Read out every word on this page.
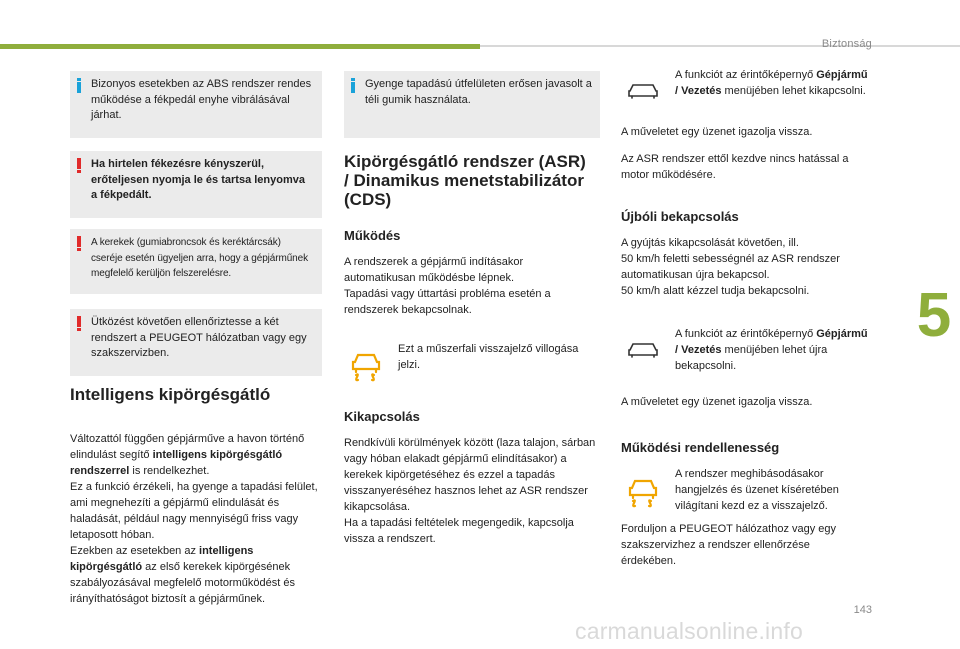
Biztonság
5
143
carmanualsonline.info
Bizonyos esetekben az ABS rendszer rendes működése a fékpedál enyhe vibrálásával járhat.
Ha hirtelen fékezésre kényszerül, erőteljesen nyomja le és tartsa lenyomva a fékpedált.
A kerekek (gumiabroncsok és keréktárcsák) cseréje esetén ügyeljen arra, hogy a gépjárműnek megfelelő kerüljön felszerelésre.
Ütközést követően ellenőriztesse a két rendszert a PEUGEOT hálózatban vagy egy szakszervizben.
Intelligens kipörgésgátló
Változattól függően gépjárműve a havon történő elindulást segítő intelligens kipörgésgátló rendszerrel is rendelkezhet.
Ez a funkció érzékeli, ha gyenge a tapadási felület, ami megnehezíti a gépjármű elindulását és haladását, például nagy mennyiségű friss vagy letaposott hóban.
Ezekben az esetekben az intelligens kipörgésgátló az első kerekek kipörgésének szabályozásával megfelelő motorműködést és irányíthatóságot biztosít a gépjárműnek.
Gyenge tapadású útfelületen erősen javasolt a téli gumik használata.
Kipörgésgátló rendszer (ASR) / Dinamikus menetstabilizátor (CDS)
Működés
A rendszerek a gépjármű indításakor automatikusan működésbe lépnek.
Tapadási vagy úttartási probléma esetén a rendszerek bekapcsolnak.
Ezt a műszerfali visszajelző villogása jelzi.
Kikapcsolás
Rendkívüli körülmények között (laza talajon, sárban vagy hóban elakadt gépjármű elindításakor) a kerekek kipörgetéséhez és ezzel a tapadás visszanyeréséhez hasznos lehet az ASR rendszer kikapcsolása.
Ha a tapadási feltételek megengedik, kapcsolja vissza a rendszert.
A funkciót az érintőképernyő Gépjármű / Vezetés menüjében lehet kikapcsolni.
A műveletet egy üzenet igazolja vissza.
Az ASR rendszer ettől kezdve nincs hatással a motor működésére.
Újbóli bekapcsolás
A gyújtás kikapcsolását követően, ill.
50 km/h feletti sebességnél az ASR rendszer automatikusan újra bekapcsol.
50 km/h alatt kézzel tudja bekapcsolni.
A funkciót az érintőképernyő Gépjármű / Vezetés menüjében lehet újra bekapcsolni.
A műveletet egy üzenet igazolja vissza.
Működési rendellenesség
A rendszer meghibásodásakor hangjelzés és üzenet kíséretében világítani kezd ez a visszajelző.
Forduljon a PEUGEOT hálózathoz vagy egy szakszervizhez a rendszer ellenőrzése érdekében.
